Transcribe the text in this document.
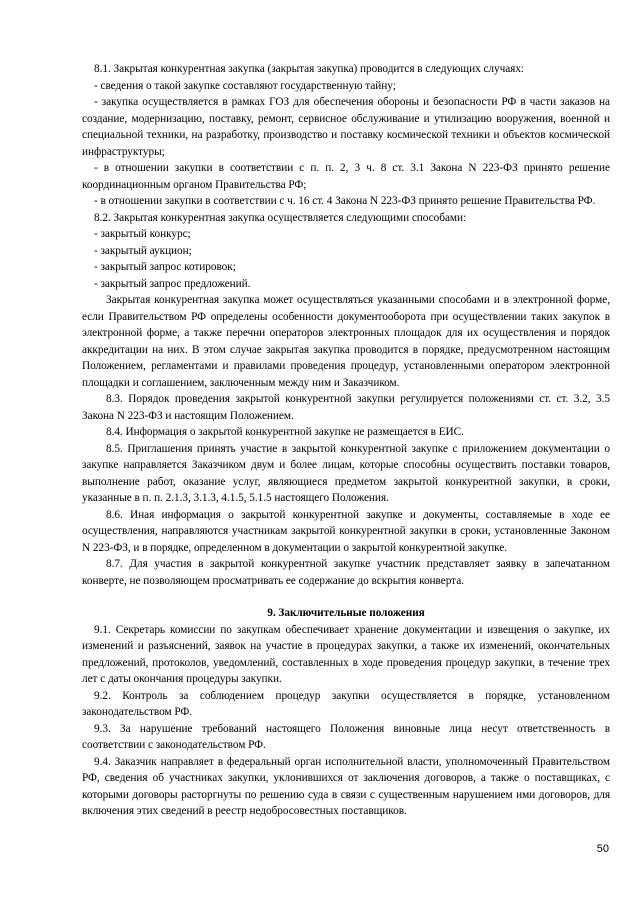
8.1. Закрытая конкурентная закупка (закрытая закупка) проводится в следующих случаях:

- сведения о такой закупке составляют государственную тайну;

- закупка осуществляется в рамках ГОЗ для обеспечения обороны и безопасности РФ в части заказов на создание, модернизацию, поставку, ремонт, сервисное обслуживание и утилизацию вооружения, военной и специальной техники, на разработку, производство и поставку космической техники и объектов космической инфраструктуры;

- в отношении закупки в соответствии с п. п. 2, 3 ч. 8 ст. 3.1 Закона N 223-ФЗ принято решение координационным органом Правительства РФ;

- в отношении закупки в соответствии с ч. 16 ст. 4 Закона N 223-ФЗ принято решение Правительства РФ.

8.2. Закрытая конкурентная закупка осуществляется следующими способами:

- закрытый конкурс;

- закрытый аукцион;

- закрытый запрос котировок;

- закрытый запрос предложений.

Закрытая конкурентная закупка может осуществляться указанными способами и в электронной форме, если Правительством РФ определены особенности документооборота при осуществлении таких закупок в электронной форме, а также перечни операторов электронных площадок для их осуществления и порядок аккредитации на них. В этом случае закрытая закупка проводится в порядке, предусмотренном настоящим Положением, регламентами и правилами проведения процедур, установленными оператором электронной площадки и соглашением, заключенным между ним и Заказчиком.

8.3. Порядок проведения закрытой конкурентной закупки регулируется положениями ст. ст. 3.2, 3.5 Закона N 223-ФЗ и настоящим Положением.

8.4. Информация о закрытой конкурентной закупке не размещается в ЕИС.

8.5. Приглашения принять участие в закрытой конкурентной закупке с приложением документации о закупке направляется Заказчиком двум и более лицам, которые способны осуществить поставки товаров, выполнение работ, оказание услуг, являющиеся предметом закрытой конкурентной закупки, в сроки, указанные в п. п. 2.1.3, 3.1.3, 4.1.5, 5.1.5 настоящего Положения.

8.6. Иная информация о закрытой конкурентной закупке и документы, составляемые в ходе ее осуществления, направляются участникам закрытой конкурентной закупки в сроки, установленные Законом N 223-ФЗ, и в порядке, определенном в документации о закрытой конкурентной закупке.

8.7. Для участия в закрытой конкурентной закупке участник представляет заявку в запечатанном конверте, не позволяющем просматривать ее содержание до вскрытия конверта.

9. Заключительные положения

9.1. Секретарь комиссии по закупкам обеспечивает хранение документации и извещения о закупке, их изменений и разъяснений, заявок на участие в процедурах закупки, а также их изменений, окончательных предложений, протоколов, уведомлений, составленных в ходе проведения процедур закупки, в течение трех лет с даты окончания процедуры закупки.

9.2. Контроль за соблюдением процедур закупки осуществляется в порядке, установленном законодательством РФ.

9.3. За нарушение требований настоящего Положения виновные лица несут ответственность в соответствии с законодательством РФ.

9.4. Заказчик направляет в федеральный орган исполнительной власти, уполномоченный Правительством РФ, сведения об участниках закупки, уклонившихся от заключения договоров, а также о поставщиках, с которыми договоры расторгнуты по решению суда в связи с существенным нарушением ими договоров, для включения этих сведений в реестр недобросовестных поставщиков.

50
